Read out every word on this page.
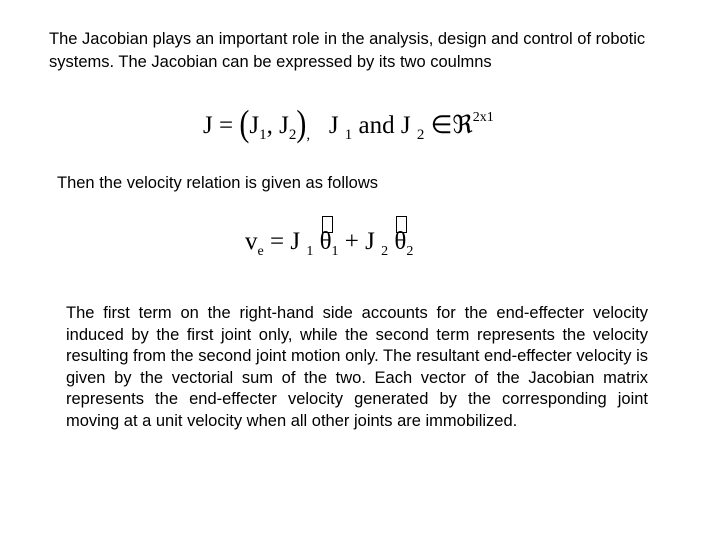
The Jacobian plays an important role in the analysis, design and control of robotic systems. The Jacobian can be expressed by its two coulmns

$J = (J_1$, $J_2)_,$ J $_1$ and J $_2$ ∈ℜ$^{2x1}$

Then the velocity relation is given as follows

$v_e = J$ $_1$ $\theta_1 + J$ $_2$ $\theta_2$

The first term on the right-hand side accounts for the end-effecter velocity induced by the first joint only, while the second term represents the velocity resulting from the second joint motion only. The resultant end-effecter velocity is given by the vectorial sum of the two. Each vector of the Jacobian matrix represents the end-effecter velocity generated by the corresponding joint moving at a unit velocity when all other joints are immobilized.
